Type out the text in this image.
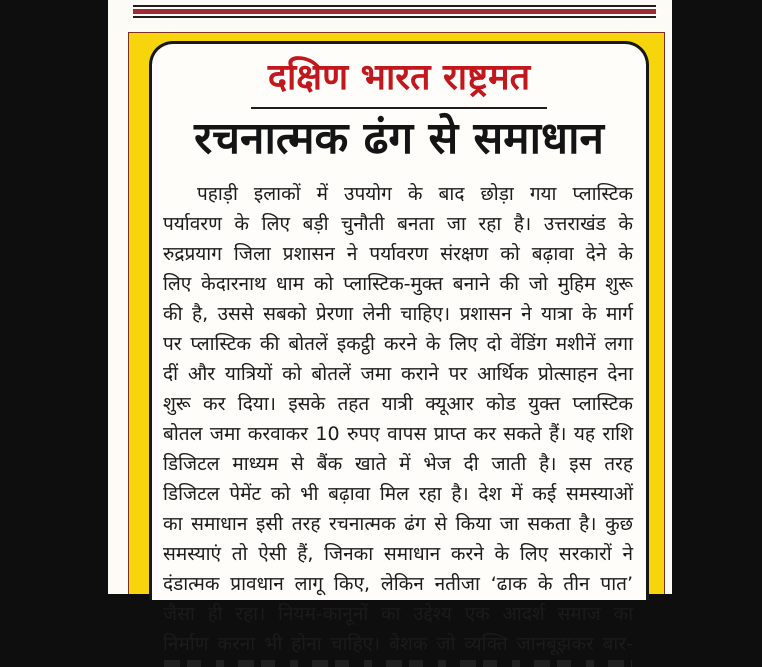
दक्षिण भारत राष्ट्रमत
रचनात्मक ढंग से समाधान
पहाड़ी इलाकों में उपयोग के बाद छोड़ा गया प्लास्टिक
पर्यावरण के लिए बड़ी चुनौती बनता जा रहा है। उत्तराखंड के
रुद्रप्रयाग जिला प्रशासन ने पर्यावरण संरक्षण को बढ़ावा देने के
लिए केदारनाथ धाम को प्लास्टिक-मुक्त बनाने की जो मुहिम शुरू
की है, उससे सबको प्रेरणा लेनी चाहिए। प्रशासन ने यात्रा के मार्ग
पर प्लास्टिक की बोतलें इकट्ठी करने के लिए दो वेंडिंग मशीनें लगा
दीं और यात्रियों को बोतलें जमा कराने पर आर्थिक प्रोत्साहन देना
शुरू कर दिया। इसके तहत यात्री क्यूआर कोड युक्त प्लास्टिक
बोतल जमा करवाकर 10 रुपए वापस प्राप्त कर सकते हैं। यह राशि
डिजिटल माध्यम से बैंक खाते में भेज दी जाती है। इस तरह
डिजिटल पेमेंट को भी बढ़ावा मिल रहा है। देश में कई समस्याओं
का समाधान इसी तरह रचनात्मक ढंग से किया जा सकता है। कुछ
समस्याएं तो ऐसी हैं, जिनका समाधान करने के लिए सरकारों ने
दंडात्मक प्रावधान लागू किए, लेकिन नतीजा ‘ढाक के तीन पात’
जैसा ही रहा। नियम-कानूनों का उद्देश्य एक आदर्श समाज का
निर्माण करना भी होना चाहिए। बेशक जो व्यक्ति जानबूझकर बार-
